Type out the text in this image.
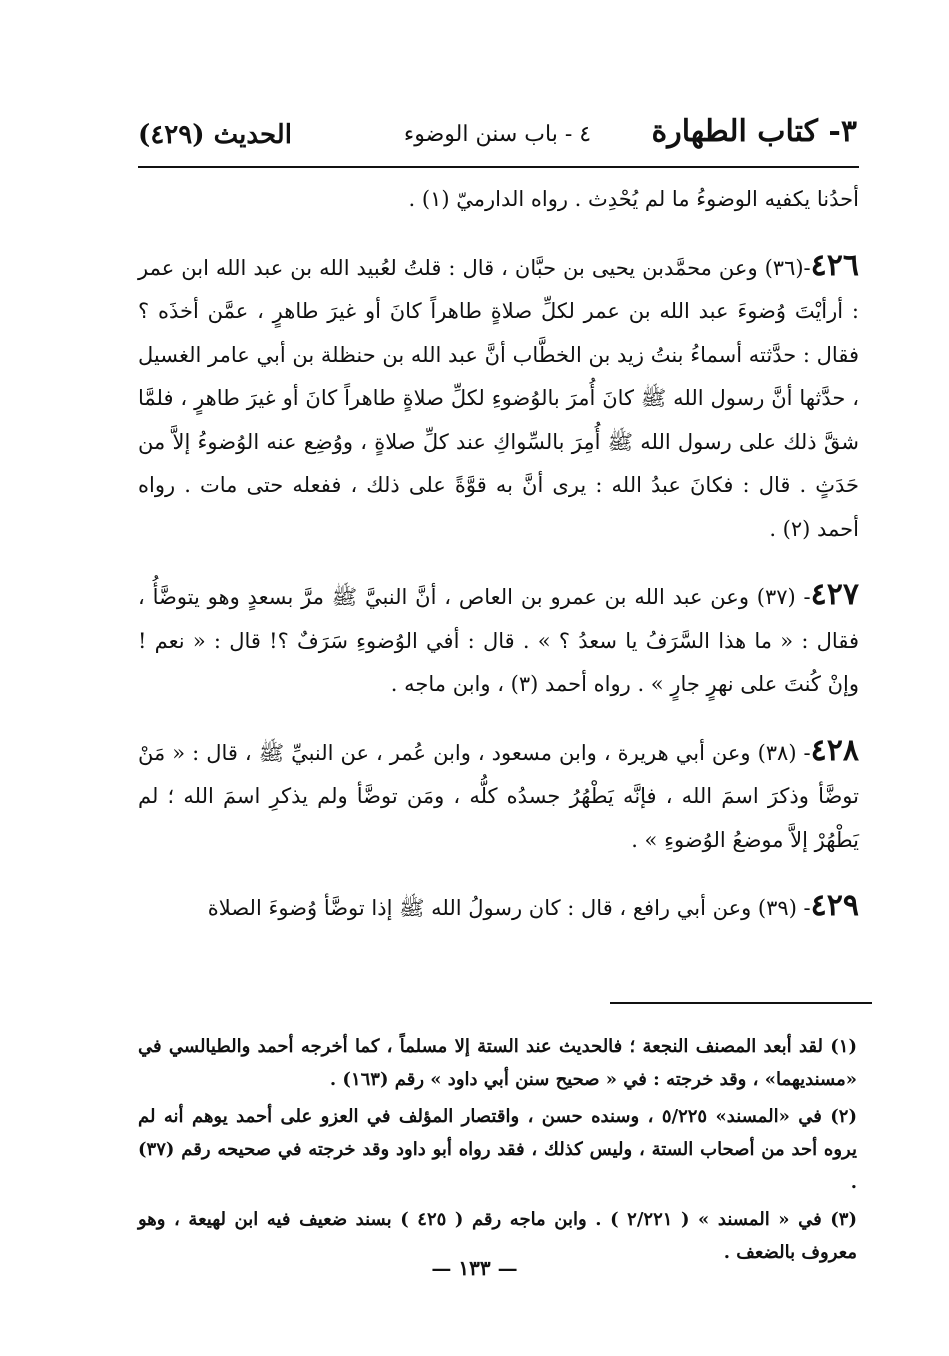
٣- كتاب الطهارة
٤ - باب سنن الوضوء
الحديث (٤٢٩)

أحدُنا يكفيه الوضوءُ ما لم يُحْدِث . رواه الدارميّ (١) .

٤٢٦-(٣٦) وعن محمَّدبن يحيى بن حبَّان ، قال : قلتُ لعُبيد الله بن عبد الله ابن عمر : أرأيْتَ وُضوءَ عبد الله بن عمر لكلِّ صلاةٍ طاهراً كانَ أو غيرَ طاهرٍ ، عمَّن أخذَه ؟ فقال : حدَّثته أسماءُ بنتُ زيد بن الخطَّاب أنَّ عبد الله بن حنظلة بن أبي عامر الغسيل ، حدَّثها أنَّ رسول الله ﷺ كانَ أُمرَ بالوُضوءِ لكلِّ صلاةٍ طاهراً كانَ أو غيرَ طاهرٍ ، فلمَّا شقَّ ذلك على رسول الله ﷺ أُمِرَ بالسِّواكِ عند كلِّ صلاةٍ ، ووُضِع عنه الوُضوءُ إلاَّ من حَدَثٍ . قال : فكانَ عبدُ الله : يرى أنَّ به قوَّةً على ذلك ، ففعله حتى مات . رواه أحمد (٢) .

٤٢٧- (٣٧) وعن عبد الله بن عمرو بن العاص ، أنَّ النبيَّ ﷺ مرَّ بسعدٍ وهو يتوضَّأُ ، فقال : « ما هذا السَّرَفُ يا سعدُ ؟ » . قال : أفي الوُضوءِ سَرَفٌ ؟! قال : « نعم ! وإنْ كُنتَ على نهرٍ جارٍ » . رواه أحمد (٣) ، وابن ماجه .

٤٢٨- (٣٨) وعن أبي هريرة ، وابن مسعود ، وابن عُمر ، عن النبيِّ ﷺ ، قال : « مَنْ توضَّأ وذكرَ اسمَ الله ، فإنَّه يَطْهُرُ جسدُه كلُّه ، ومَن توضَّأ ولم يذكرِ اسمَ الله ؛ لم يَطْهُرْ إلاَّ موضعُ الوُضوءِ » .

٤٢٩- (٣٩) وعن أبي رافع ، قال : كان رسولُ الله ﷺ إذا توضَّأ وُضوءَ الصلاة

(١) لقد أبعد المصنف النجعة ؛ فالحديث عند الستة إلا مسلماً ، كما أخرجه أحمد والطيالسي في «مسنديهما» ، وقد خرجته : في « صحيح سنن أبي داود » رقم (١٦٣) .

(٢) في «المسند» ٥/٢٢٥ ، وسنده حسن ، واقتصار المؤلف في العزو على أحمد يوهم أنه لم يروه أحد من أصحاب الستة ، وليس كذلك ، فقد رواه أبو داود وقد خرجته في صحيحه رقم (٣٧) .

(٣) في « المسند » ( ٢/٢٢١ ) . وابن ماجه رقم ( ٤٢٥ ) بسند ضعيف فيه ابن لهيعة ، وهو معروف بالضعف .

— ١٣٣ —
